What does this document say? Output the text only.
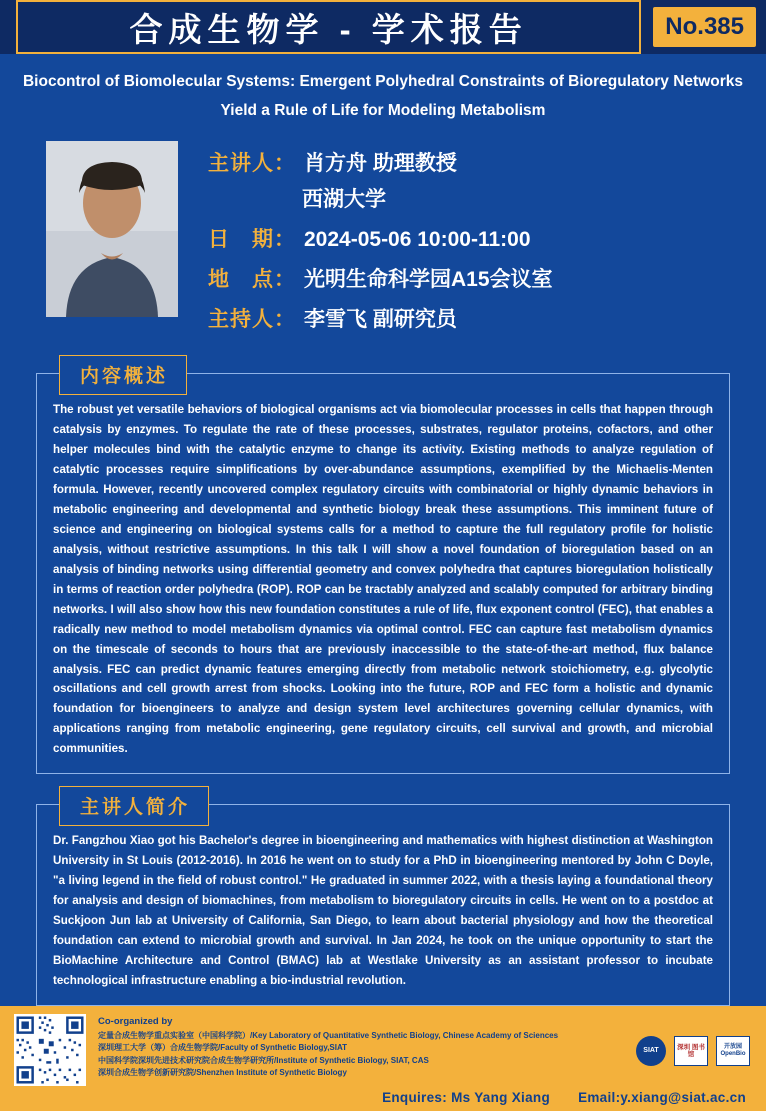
合成生物学 - 学术报告	No.385
Biocontrol of Biomolecular Systems: Emergent Polyhedral Constraints of Bioregulatory Networks
Yield a Rule of Life for Modeling Metabolism
主讲人： 肖方舟 助理教授
西湖大学
日　期： 2024-05-06 10:00-11:00
地　点： 光明生命科学园A15会议室
主持人： 李雪飞 副研究员
内容概述
The robust yet versatile behaviors of biological organisms act via biomolecular processes in cells that happen through catalysis by enzymes. To regulate the rate of these processes, substrates, regulator proteins, cofactors, and other helper molecules bind with the catalytic enzyme to change its activity. Existing methods to analyze regulation of catalytic processes require simplifications by over-abundance assumptions, exemplified by the Michaelis-Menten formula. However, recently uncovered complex regulatory circuits with combinatorial or highly dynamic behaviors in metabolic engineering and developmental and synthetic biology break these assumptions. This imminent future of science and engineering on biological systems calls for a method to capture the full regulatory profile for holistic analysis, without restrictive assumptions. In this talk I will show a novel foundation of bioregulation based on an analysis of binding networks using differential geometry and convex polyhedra that captures bioregulation holistically in terms of reaction order polyhedra (ROP). ROP can be tractably analyzed and scalably computed for arbitrary binding networks. I will also show how this new foundation constitutes a rule of life, flux exponent control (FEC), that enables a radically new method to model metabolism dynamics via optimal control. FEC can capture fast metabolism dynamics on the timescale of seconds to hours that are previously inaccessible to the state-of-the-art method, flux balance analysis. FEC can predict dynamic features emerging directly from metabolic network stoichiometry, e.g. glycolytic oscillations and cell growth arrest from shocks. Looking into the future, ROP and FEC form a holistic and dynamic foundation for bioengineers to analyze and design system level architectures governing cellular dynamics, with applications ranging from metabolic engineering, gene regulatory circuits, cell survival and growth, and microbial communities.
主讲人简介
Dr. Fangzhou Xiao got his Bachelor's degree in bioengineering and mathematics with highest distinction at Washington University in St Louis (2012-2016). In 2016 he went on to study for a PhD in bioengineering mentored by John C Doyle, "a living legend in the field of robust control." He graduated in summer 2022, with a thesis laying a foundational theory for analysis and design of biomachines, from metabolism to bioregulatory circuits in cells. He went on to a postdoc at Suckjoon Jun lab at University of California, San Diego, to learn about bacterial physiology and how the theoretical foundation can extend to microbial growth and survival. In Jan 2024, he took on the unique opportunity to start the BioMachine Architecture and Control (BMAC) lab at Westlake University as an assistant professor to incubate technological infrastructure enabling a bio-industrial revolution.
Co-organized by
定量合成生物学重点实验室（中国科学院）/Key Laboratory of Quantitative Synthetic Biology, Chinese Academy of Sciences
深圳理工大学（筹）合成生物学院/Faculty of Synthetic Biology,SIAT
中国科学院深圳先进技术研究院合成生物学研究所/Institute of Synthetic Biology, SIAT, CAS
深圳合成生物学创新研究院/Shenzhen Institute of Synthetic Biology
SIAT
深圳 图书馆
开放园 OpenBio
Enquires: Ms Yang Xiang Email:y.xiang@siat.ac.cn
